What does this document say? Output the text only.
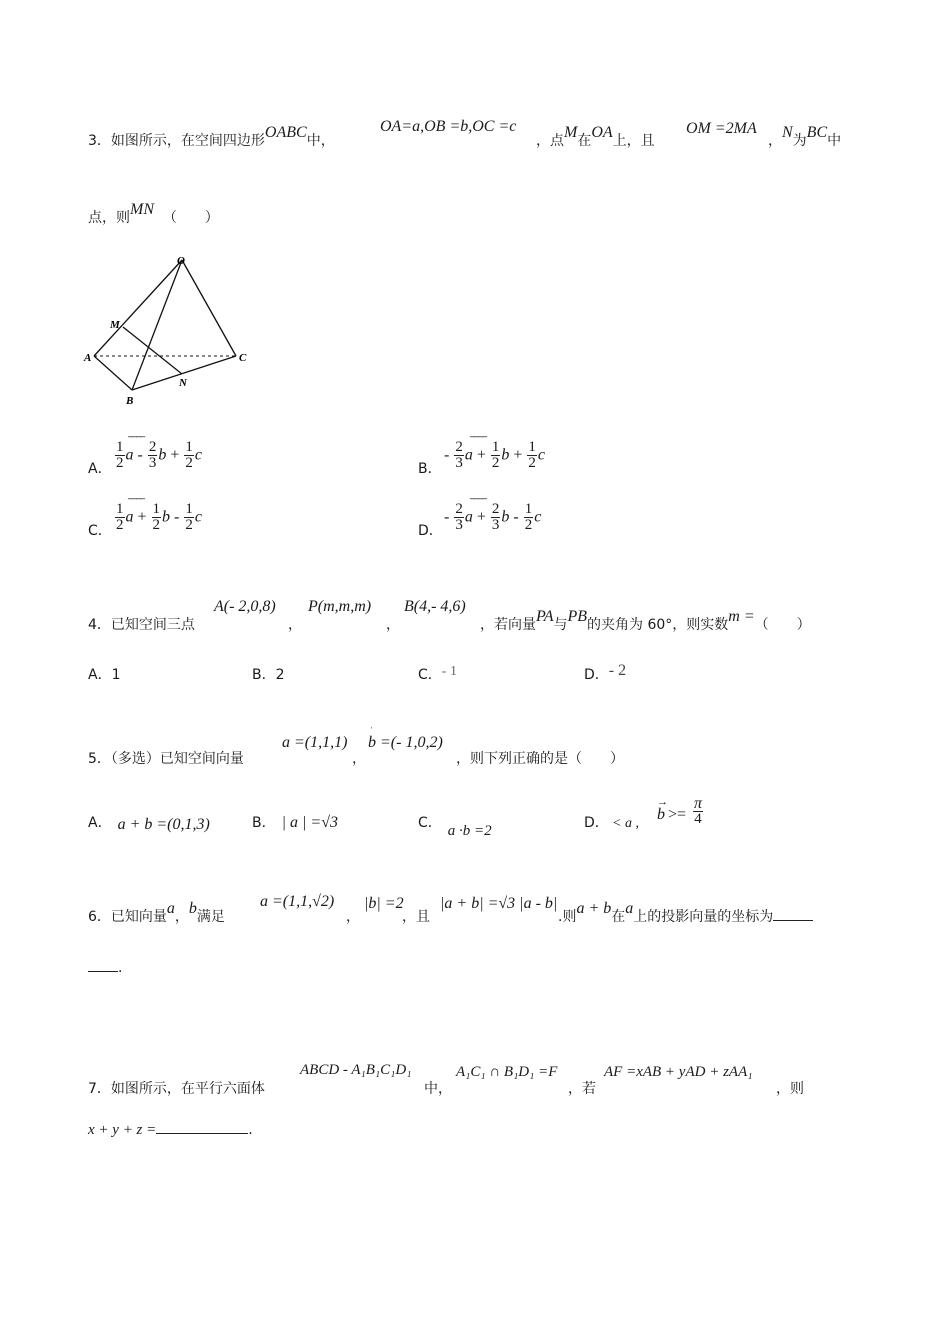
3．如图所示，在空间四边形OABC中，
OA=a,OB =b,OC =c
，点M在OA上，且
OM =2MA
，N为BC中
点，则MN （　　）
O
M
A	C
N
B
A．
‾‾‾‾
$\frac{1}{2}$ a - $\frac{2}{3}$ $b + \frac{1}{2}$ c
B．
‾‾‾‾
- $\frac{2}{3}$ $a + \frac{1}{2}$ $b + \frac{1}{2}$ c
C．
‾‾‾‾
$\frac{1}{2}$ $a + \frac{1}{2}$ b - $\frac{1}{2}$ c
D．
‾‾‾‾
- $\frac{2}{3}$ $a + \frac{2}{3}$ b - $\frac{1}{2}$ c
4．已知空间三点
A(- 2,0,8)
，
P(m,m,m)
，
B(4,- 4,6)
，若向量PA与PB的夹角为 60°，则实数m =（　　）
A．1	B．2	C．- 1	D．- 2
5．（多选）已知空间向量
a =(1,1,1)
，
ˈ
b =(- 1,0,2)
，则下列正确的是（　　）
A． a + b =(0,1,3)	B． | a | =√3	C． a ·b =2	D． < a ,
→
$b >= \frac{\pi}{4}$
6．已知向量a，b满足
a =(1,1,√2)
，
|b| =2
，且
|a + b| =√3 |a - b|
.则a + b在a上的投影向量的坐标为
.
7．如图所示，在平行六面体
ABCD - A₁B₁C₁D₁
中，
A₁C₁ ∩ B₁D₁ =F
，若
AF =xAB + yAD + zAA₁
，则
x + y + z =	.
